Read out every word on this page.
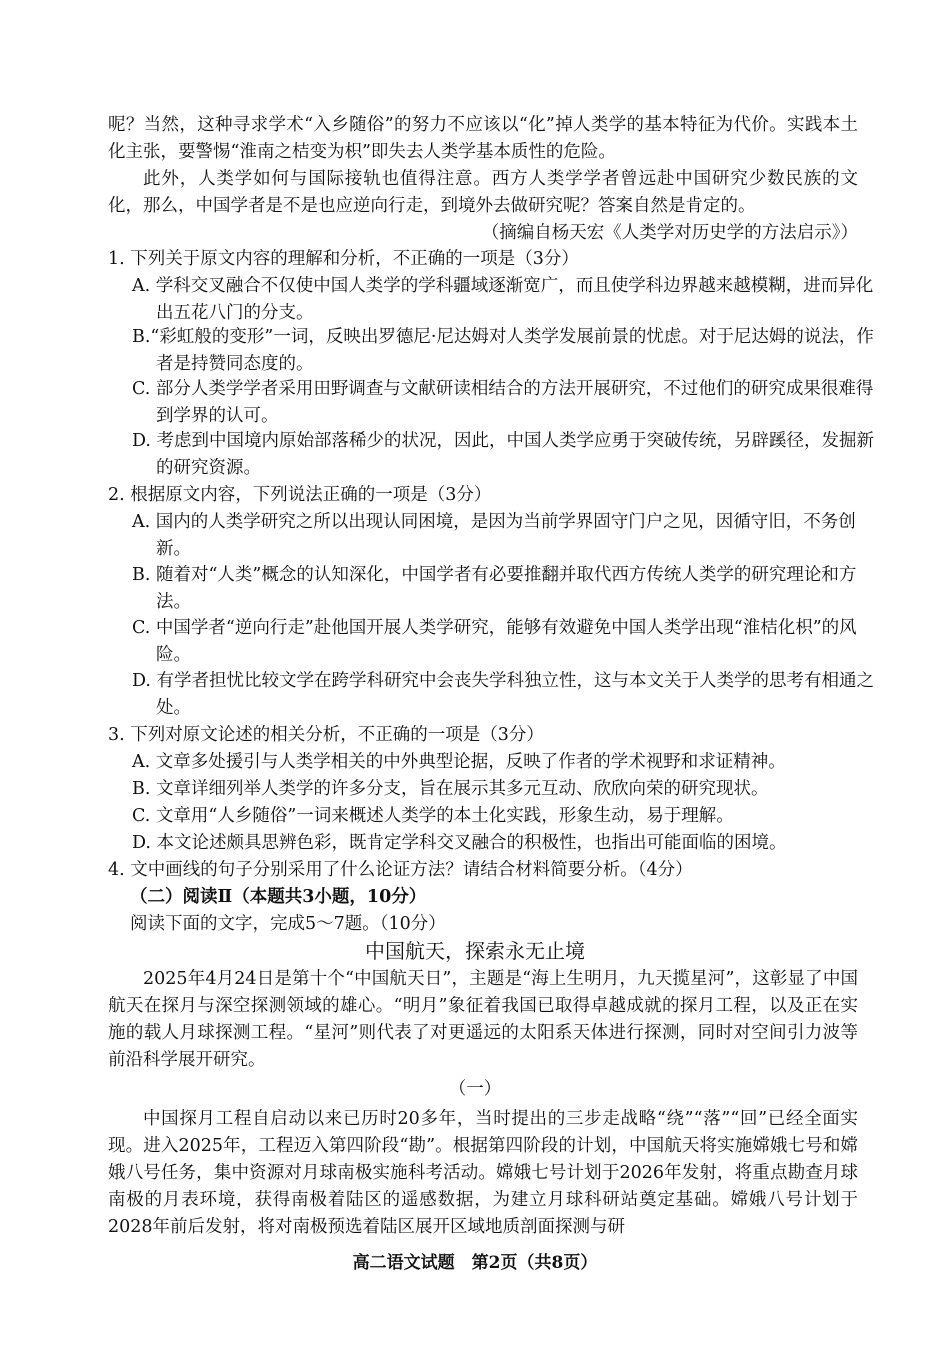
呢？当然，这种寻求学术“入乡随俗”的努力不应该以“化”掉人类学的基本特征为代价。实践本土化主张，要警惕“淮南之桔变为枳”即失去人类学基本质性的危险。
此外，人类学如何与国际接轨也值得注意。西方人类学学者曾远赴中国研究少数民族的文化，那么，中国学者是不是也应逆向行走，到境外去做研究呢？答案自然是肯定的。
（摘编自杨天宏《人类学对历史学的方法启示》）
1. 下列关于原文内容的理解和分析，不正确的一项是（3分）
A. 学科交叉融合不仅使中国人类学的学科疆域逐渐宽广，而且使学科边界越来越模糊，进而异化出五花八门的分支。
B.“彩虹般的变形”一词，反映出罗德尼·尼达姆对人类学发展前景的忧虑。对于尼达姆的说法，作者是持赞同态度的。
C. 部分人类学学者采用田野调查与文献研读相结合的方法开展研究，不过他们的研究成果很难得到学界的认可。
D. 考虑到中国境内原始部落稀少的状况，因此，中国人类学应勇于突破传统，另辟蹊径，发掘新的研究资源。
2. 根据原文内容，下列说法正确的一项是（3分）
A. 国内的人类学研究之所以出现认同困境，是因为当前学界固守门户之见，因循守旧，不务创新。
B. 随着对“人类”概念的认知深化，中国学者有必要推翻并取代西方传统人类学的研究理论和方法。
C. 中国学者“逆向行走”赴他国开展人类学研究，能够有效避免中国人类学出现“淮桔化枳”的风险。
D. 有学者担忧比较文学在跨学科研究中会丧失学科独立性，这与本文关于人类学的思考有相通之处。
3. 下列对原文论述的相关分析，不正确的一项是（3分）
A. 文章多处援引与人类学相关的中外典型论据，反映了作者的学术视野和求证精神。
B. 文章详细列举人类学的许多分支，旨在展示其多元互动、欣欣向荣的研究现状。
C. 文章用“人乡随俗”一词来概述人类学的本土化实践，形象生动，易于理解。
D. 本文论述颇具思辨色彩，既肯定学科交叉融合的积极性，也指出可能面临的困境。
4. 文中画线的句子分别采用了什么论证方法？请结合材料简要分析。（4分）
（二）阅读Ⅱ（本题共3小题，10分）
阅读下面的文字，完成5～7题。（10分）
中国航天，探索永无止境
2025年4月24日是第十个“中国航天日”，主题是“海上生明月，九天揽星河”，这彰显了中国航天在探月与深空探测领域的雄心。“明月”象征着我国已取得卓越成就的探月工程，以及正在实施的载人月球探测工程。“星河”则代表了对更遥远的太阳系天体进行探测，同时对空间引力波等前沿科学展开研究。
（一）
中国探月工程自启动以来已历时20多年，当时提出的三步走战略“绕”“落”“回”已经全面实现。进入2025年，工程迈入第四阶段“勘”。根据第四阶段的计划，中国航天将实施嫦娥七号和嫦娥八号任务，集中资源对月球南极实施科考活动。嫦娥七号计划于2026年发射，将重点勘查月球南极的月表环境，获得南极着陆区的遥感数据，为建立月球科研站奠定基础。嫦娥八号计划于2028年前后发射，将对南极预选着陆区展开区域地质剖面探测与研
高二语文试题　第2页（共8页）
